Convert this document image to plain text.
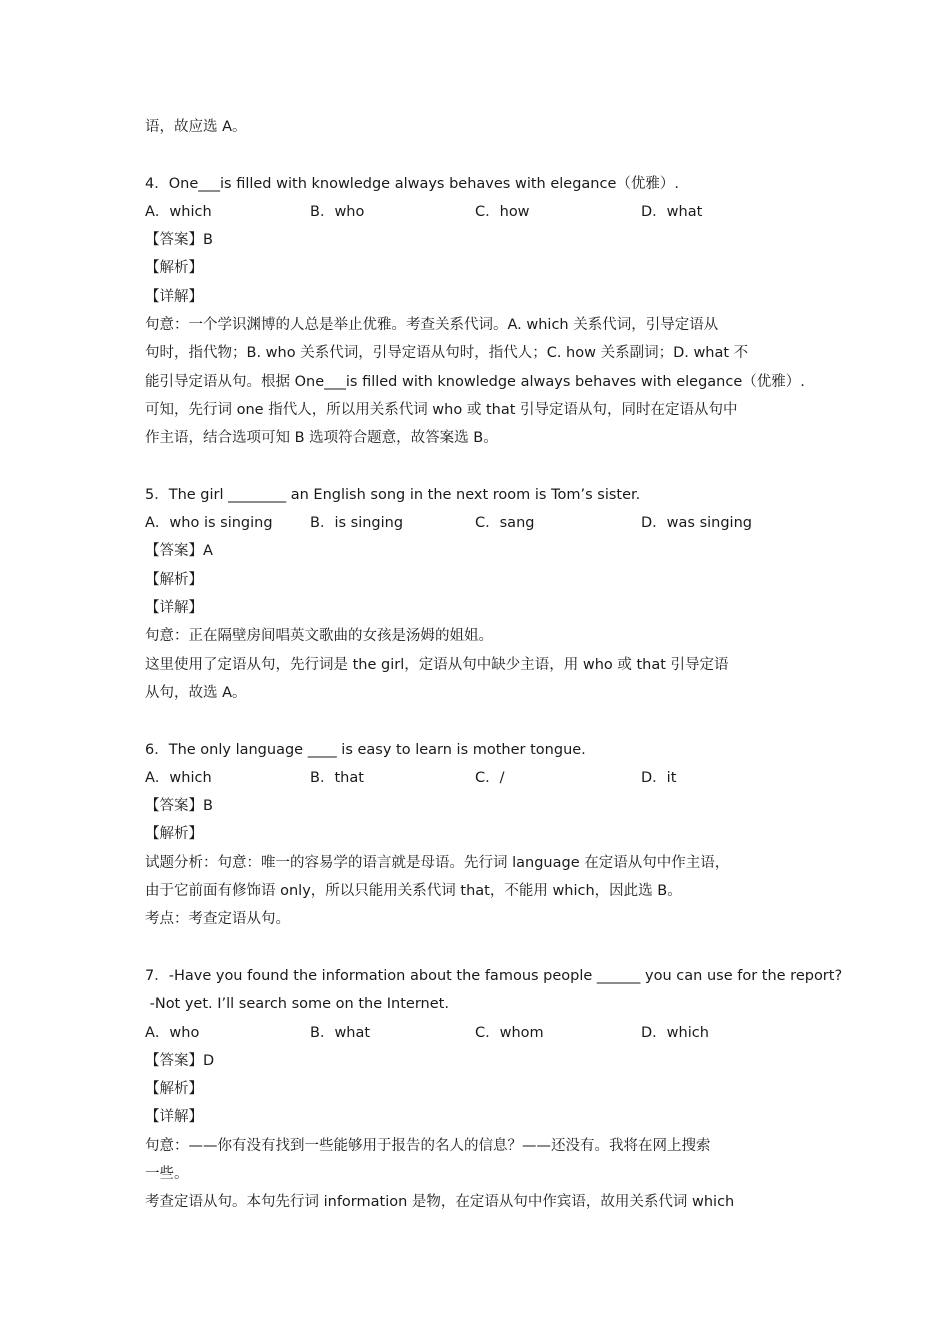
语，故应选 A。
4．One___is filled with knowledge always behaves with elegance（优雅）.
A．which	B．who	C．how	D．what
【答案】B
【解析】
【详解】
句意：一个学识渊博的人总是举止优雅。考查关系代词。A. which 关系代词，引导定语从
句时，指代物；B. who 关系代词，引导定语从句时，指代人；C. how 关系副词；D. what 不
能引导定语从句。根据 One___is filled with knowledge always behaves with elegance（优雅）.
可知，先行词 one 指代人，所以用关系代词 who 或 that 引导定语从句，同时在定语从句中
作主语，结合选项可知 B 选项符合题意，故答案选 B。
5．The girl ________ an English song in the next room is Tom’s sister.
A．who is singing	B．is singing	C．sang	D．was singing
【答案】A
【解析】
【详解】
句意：正在隔壁房间唱英文歌曲的女孩是汤姆的姐姐。
这里使用了定语从句，先行词是 the girl，定语从句中缺少主语，用 who 或 that 引导定语
从句，故选 A。
6．The only language ____ is easy to learn is mother tongue.
A．which	B．that	C．/	D．it
【答案】B
【解析】
试题分析：句意：唯一的容易学的语言就是母语。先行词 language 在定语从句中作主语，
由于它前面有修饰语 only，所以只能用关系代词 that，不能用 which，因此选 B。
考点：考查定语从句。
7．-Have you found the information about the famous people ______ you can use for the report?
-Not yet. I’ll search some on the Internet.
A．who	B．what	C．whom	D．which
【答案】D
【解析】
【详解】
句意：——你有没有找到一些能够用于报告的名人的信息？——还没有。我将在网上搜索
一些。
考查定语从句。本句先行词 information 是物，在定语从句中作宾语，故用关系代词 which
